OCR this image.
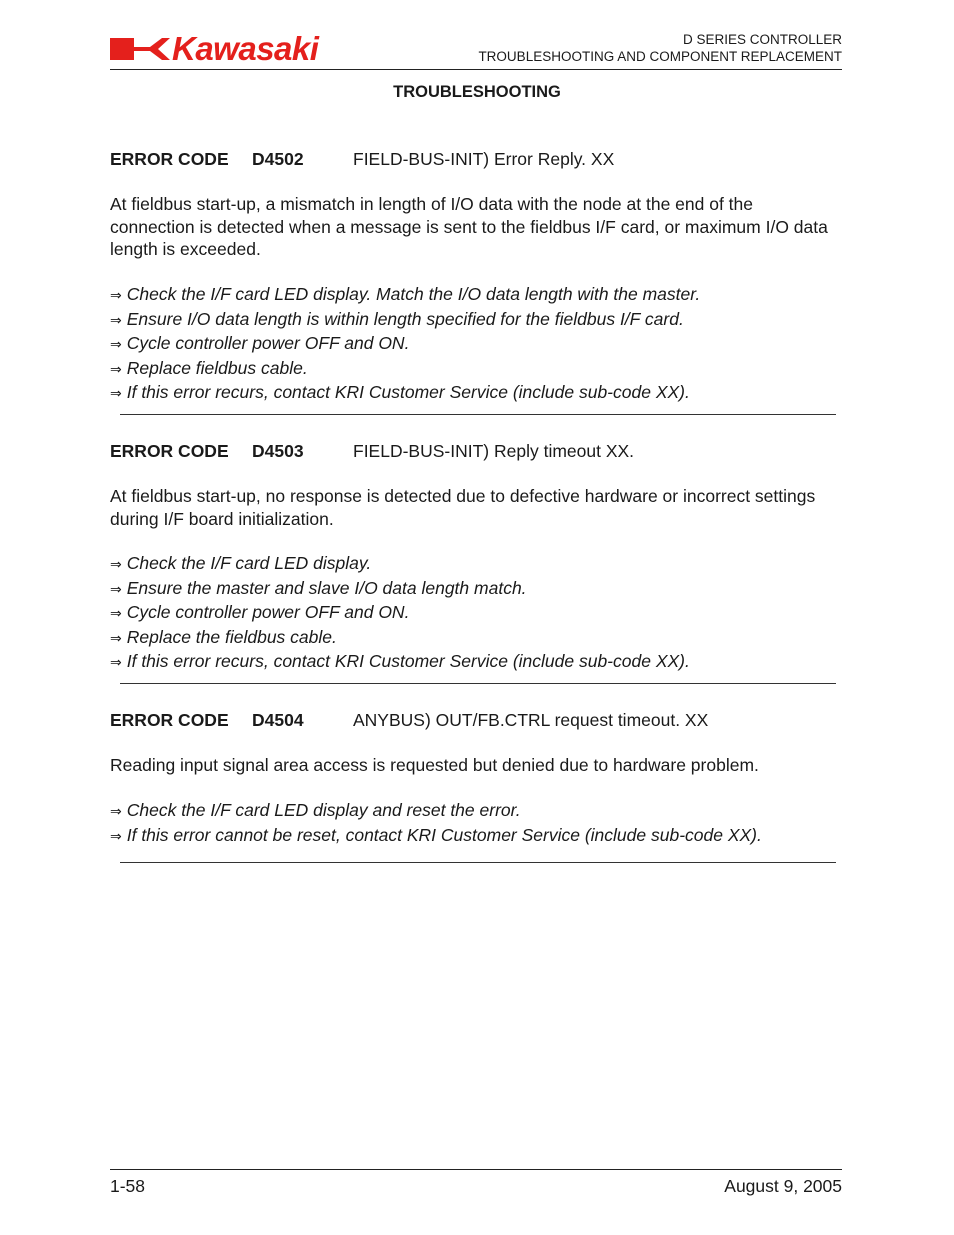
Kawasaki	D SERIES CONTROLLER
TROUBLESHOOTING AND COMPONENT REPLACEMENT
TROUBLESHOOTING
ERROR CODE D4502	FIELD-BUS-INIT) Error Reply. XX
At fieldbus start-up, a mismatch in length of I/O data with the node at the end of the connection is detected when a message is sent to the fieldbus I/F card, or maximum I/O data length is exceeded.
⇒ Check the I/F card LED display. Match the I/O data length with the master.
⇒ Ensure I/O data length is within length specified for the fieldbus I/F card.
⇒ Cycle controller power OFF and ON.
⇒ Replace fieldbus cable.
⇒ If this error recurs, contact KRI Customer Service (include sub-code XX).
ERROR CODE D4503	FIELD-BUS-INIT) Reply timeout XX.
At fieldbus start-up, no response is detected due to defective hardware or incorrect settings during I/F board initialization.
⇒ Check the I/F card LED display.
⇒ Ensure the master and slave I/O data length match.
⇒ Cycle controller power OFF and ON.
⇒ Replace the fieldbus cable.
⇒ If this error recurs, contact KRI Customer Service (include sub-code XX).
ERROR CODE D4504	ANYBUS) OUT/FB.CTRL request timeout. XX
Reading input signal area access is requested but denied due to hardware problem.
⇒ Check the I/F card LED display and reset the error.
⇒ If this error cannot be reset, contact KRI Customer Service (include sub-code XX).
1-58	August 9, 2005
